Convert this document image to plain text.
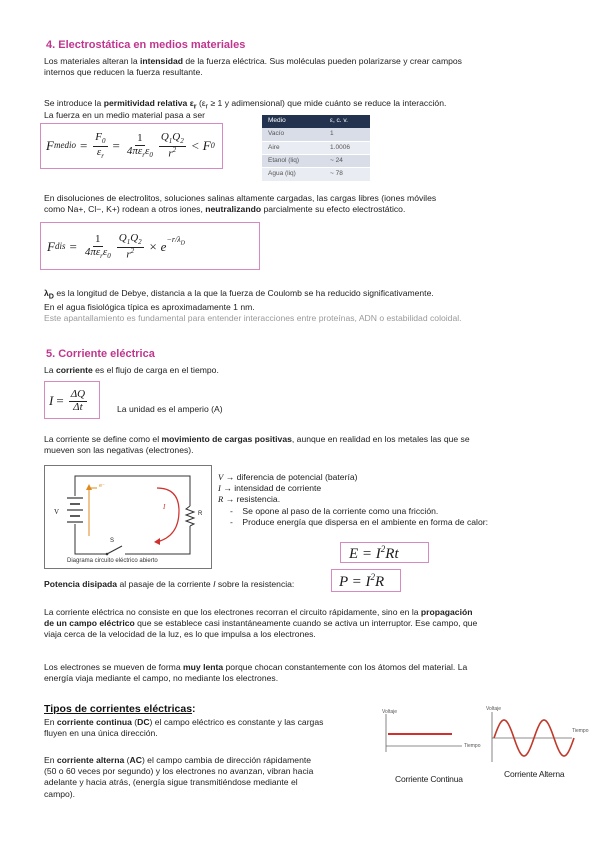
4. Electrostática en medios materiales
Los materiales alteran la intensidad de la fuerza eléctrica. Sus moléculas pueden polarizarse y crear campos
internos que reducen la fuerza resultante.
Se introduce la permitividad relativa $\varepsilon_r$ ($\varepsilon_r \ge 1$ y adimensional) que mide cuánto se reduce la interacción.
La fuerza en un medio material pasa a ser
F medio = $\frac{F_0}{\varepsilon_r} = \frac{1}{4\pi\varepsilon_r\varepsilon_0} \frac{Q_1Q_2}{r^2} < F$ 0
Medio	ε, c. v.
Vacío	1
Aire	1.0006
Etanol (liq)	~ 24
Agua (liq)	~ 78
En disoluciones de electrolitos, soluciones salinas altamente cargadas, las cargas libres (iones móviles
como Na+, Cl−, K+) rodean a otros iones, neutralizando parcialmente su efecto electrostático.
F dis = $\frac{1}{4\pi\varepsilon_r\varepsilon_0} \frac{Q_1Q_2}{r^2} \times e$ $^{-r/\lambda_D}$
$\lambda_D$ es la longitud de Debye, distancia a la que la fuerza de Coulomb se ha reducido significativamente.
En el agua fisiológica típica es aproximadamente 1 nm.
Este apantallamiento es fundamental para entender interacciones entre proteínas, ADN o estabilidad coloidal.
5. Corriente eléctrica
La corriente es el flujo de carga en el tiempo.
$I = \frac{\Delta Q}{\Delta t}$	La unidad es el amperio (A)
La corriente se define como el movimiento de cargas positivas, aunque en realidad en los metales las que se
mueven son las negativas (electrones).
V	R
S
I
e⁻
Diagrama circuito eléctrico abierto
V → diferencia de potencial (batería)
I → intensidad de corriente
R → resistencia.
-    Se opone al paso de la corriente como una fricción.
-    Produce energía que dispersa en el ambiente en forma de calor:
$E = I^2Rt$
$P = I^2R$
Potencia disipada al pasaje de la corriente I sobre la resistencia:
La corriente eléctrica no consiste en que los electrones recorran el circuito rápidamente, sino en la propagación
de un campo eléctrico que se establece casi instantáneamente cuando se activa un interruptor. Ese campo, que
viaja cerca de la velocidad de la luz, es lo que impulsa a los electrones.
Los electrones se mueven de forma muy lenta porque chocan constantemente con los átomos del material. La
energía viaja mediante el campo, no mediante los electrones.
Tipos de corrientes eléctricas:
En corriente continua (DC) el campo eléctrico es constante y las cargas
fluyen en una única dirección.
En corriente alterna (AC) el campo cambia de dirección rápidamente
(50 o 60 veces por segundo) y los electrones no avanzan, vibran hacia
adelante y hacia atrás, (energía sigue transmitiéndose mediante el
campo).
Voltaje
Tiempo
Corriente Continua
Voltaje
Tiempo
Corriente Alterna
